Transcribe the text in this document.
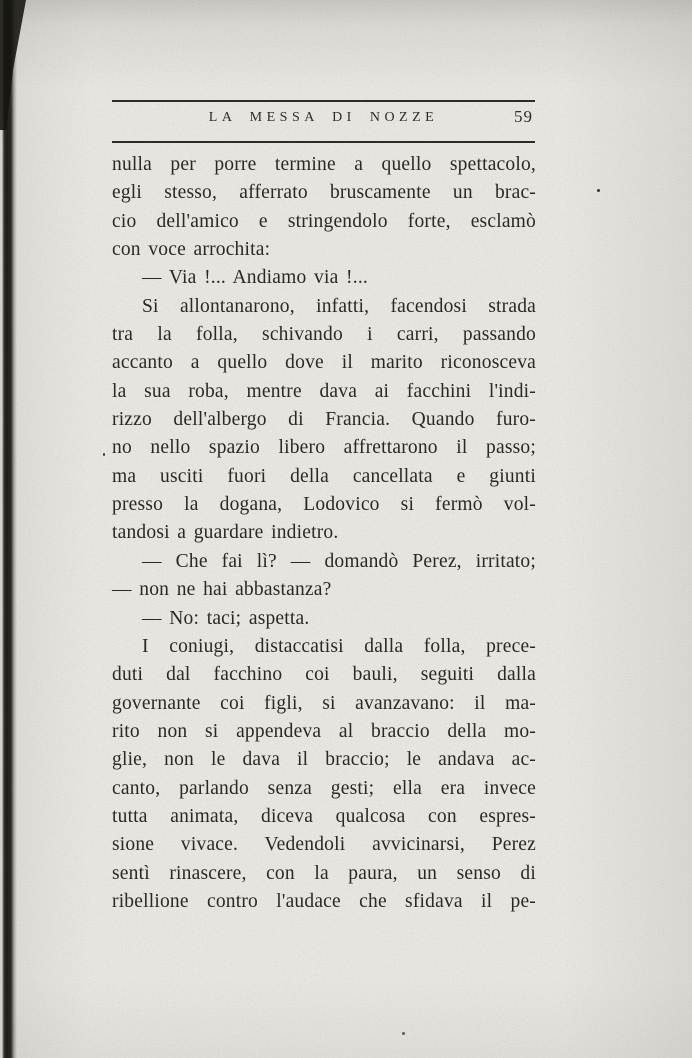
LA MESSA DI NOZZE	59
nulla per porre termine a quello spettacolo,
egli stesso, afferrato bruscamente un brac-
cio dell'amico e stringendolo forte, esclamò
con voce arrochita:
— Via !... Andiamo via !...
Si allontanarono, infatti, facendosi strada
tra la folla, schivando i carri, passando
accanto a quello dove il marito riconosceva
la sua roba, mentre dava ai facchini l'indi-
rizzo dell'albergo di Francia. Quando furo-
no nello spazio libero affrettarono il passo;
ma usciti fuori della cancellata e giunti
presso la dogana, Lodovico si fermò vol-
tandosi a guardare indietro.
— Che fai lì? — domandò Perez, irritato;
— non ne hai abbastanza?
— No: taci; aspetta.
I coniugi, distaccatisi dalla folla, prece-
duti dal facchino coi bauli, seguiti dalla
governante coi figli, si avanzavano: il ma-
rito non si appendeva al braccio della mo-
glie, non le dava il braccio; le andava ac-
canto, parlando senza gesti; ella era invece
tutta animata, diceva qualcosa con espres-
sione vivace. Vedendoli avvicinarsi, Perez
sentì rinascere, con la paura, un senso di
ribellione contro l'audace che sfidava il pe-
